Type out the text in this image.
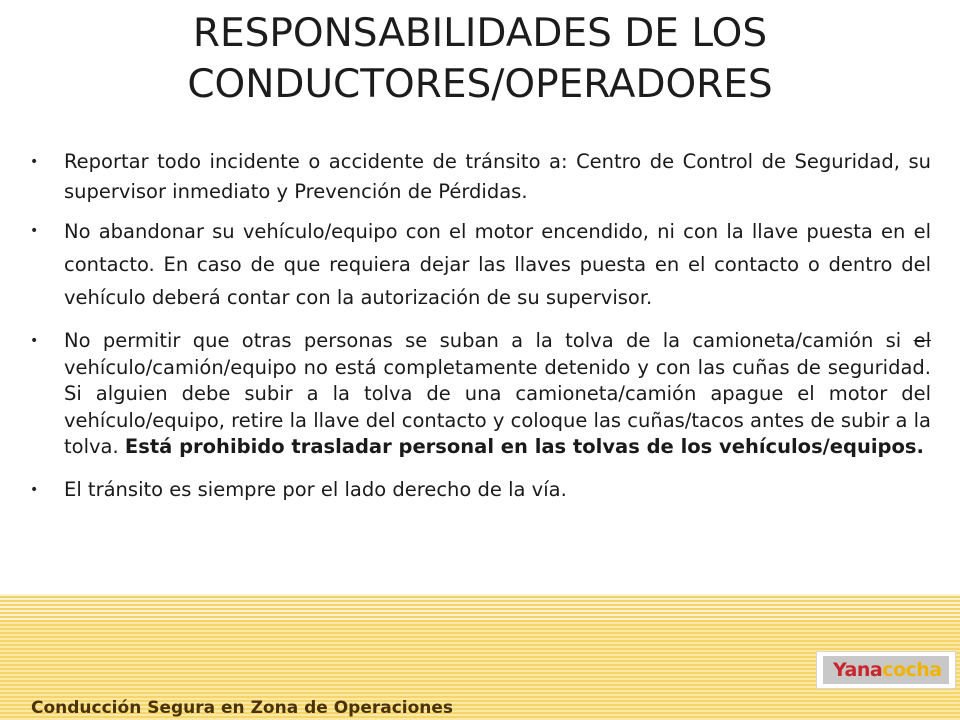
RESPONSABILIDADES DE LOS
CONDUCTORES/OPERADORES
• Reportar todo incidente o accidente de tránsito a: Centro de Control de Seguridad, su supervisor inmediato y Prevención de Pérdidas.
• No abandonar su vehículo/equipo con el motor encendido, ni con la llave puesta en el contacto. En caso de que requiera dejar las llaves puesta en el contacto o dentro del vehículo deberá contar con la autorización de su supervisor.
• No permitir que otras personas se suban a la tolva de la camioneta/camión si el vehículo/camión/equipo no está completamente detenido y con las cuñas de seguridad. Si alguien debe subir a la tolva de una camioneta/camión apague el motor del vehículo/equipo, retire la llave del contacto y coloque las cuñas/tacos antes de subir a la tolva. Está prohibido trasladar personal en las tolvas de los vehículos/equipos.
• El tránsito es siempre por el lado derecho de la vía.
Yanacocha
Conducción Segura en Zona de Operaciones
